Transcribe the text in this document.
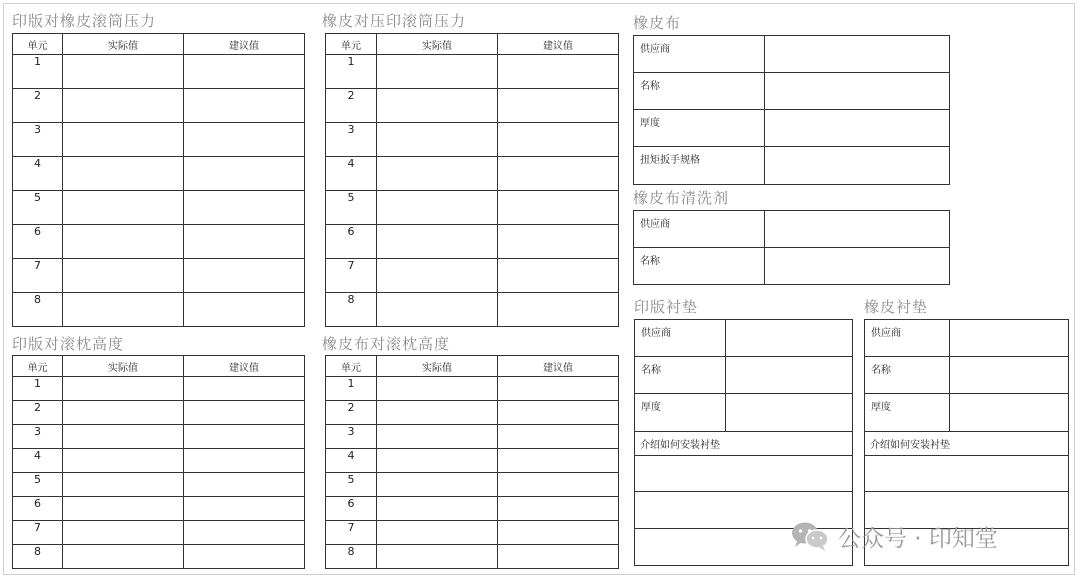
印版对橡皮滚筒压力
单元	实际值	建议值
1		
2		
3		
4		
5		
6		
7		
8		
橡皮对压印滚筒压力
单元	实际值	建议值
1		
2		
3		
4		
5		
6		
7		
8		
印版对滚枕高度
单元	实际值	建议值
1		
2		
3		
4		
5		
6		
7		
8		
橡皮布对滚枕高度
单元	实际值	建议值
1		
2		
3		
4		
5		
6		
7		
8		
橡皮布
供应商	
名称	
厚度	
扭矩扳手规格	
橡皮布清洗剂
供应商	
名称	
印版衬垫
供应商	
名称	
厚度	
介绍如何安装衬垫	

橡皮衬垫
供应商	
名称	
厚度	
介绍如何安装衬垫	

公众号 · 印知堂
